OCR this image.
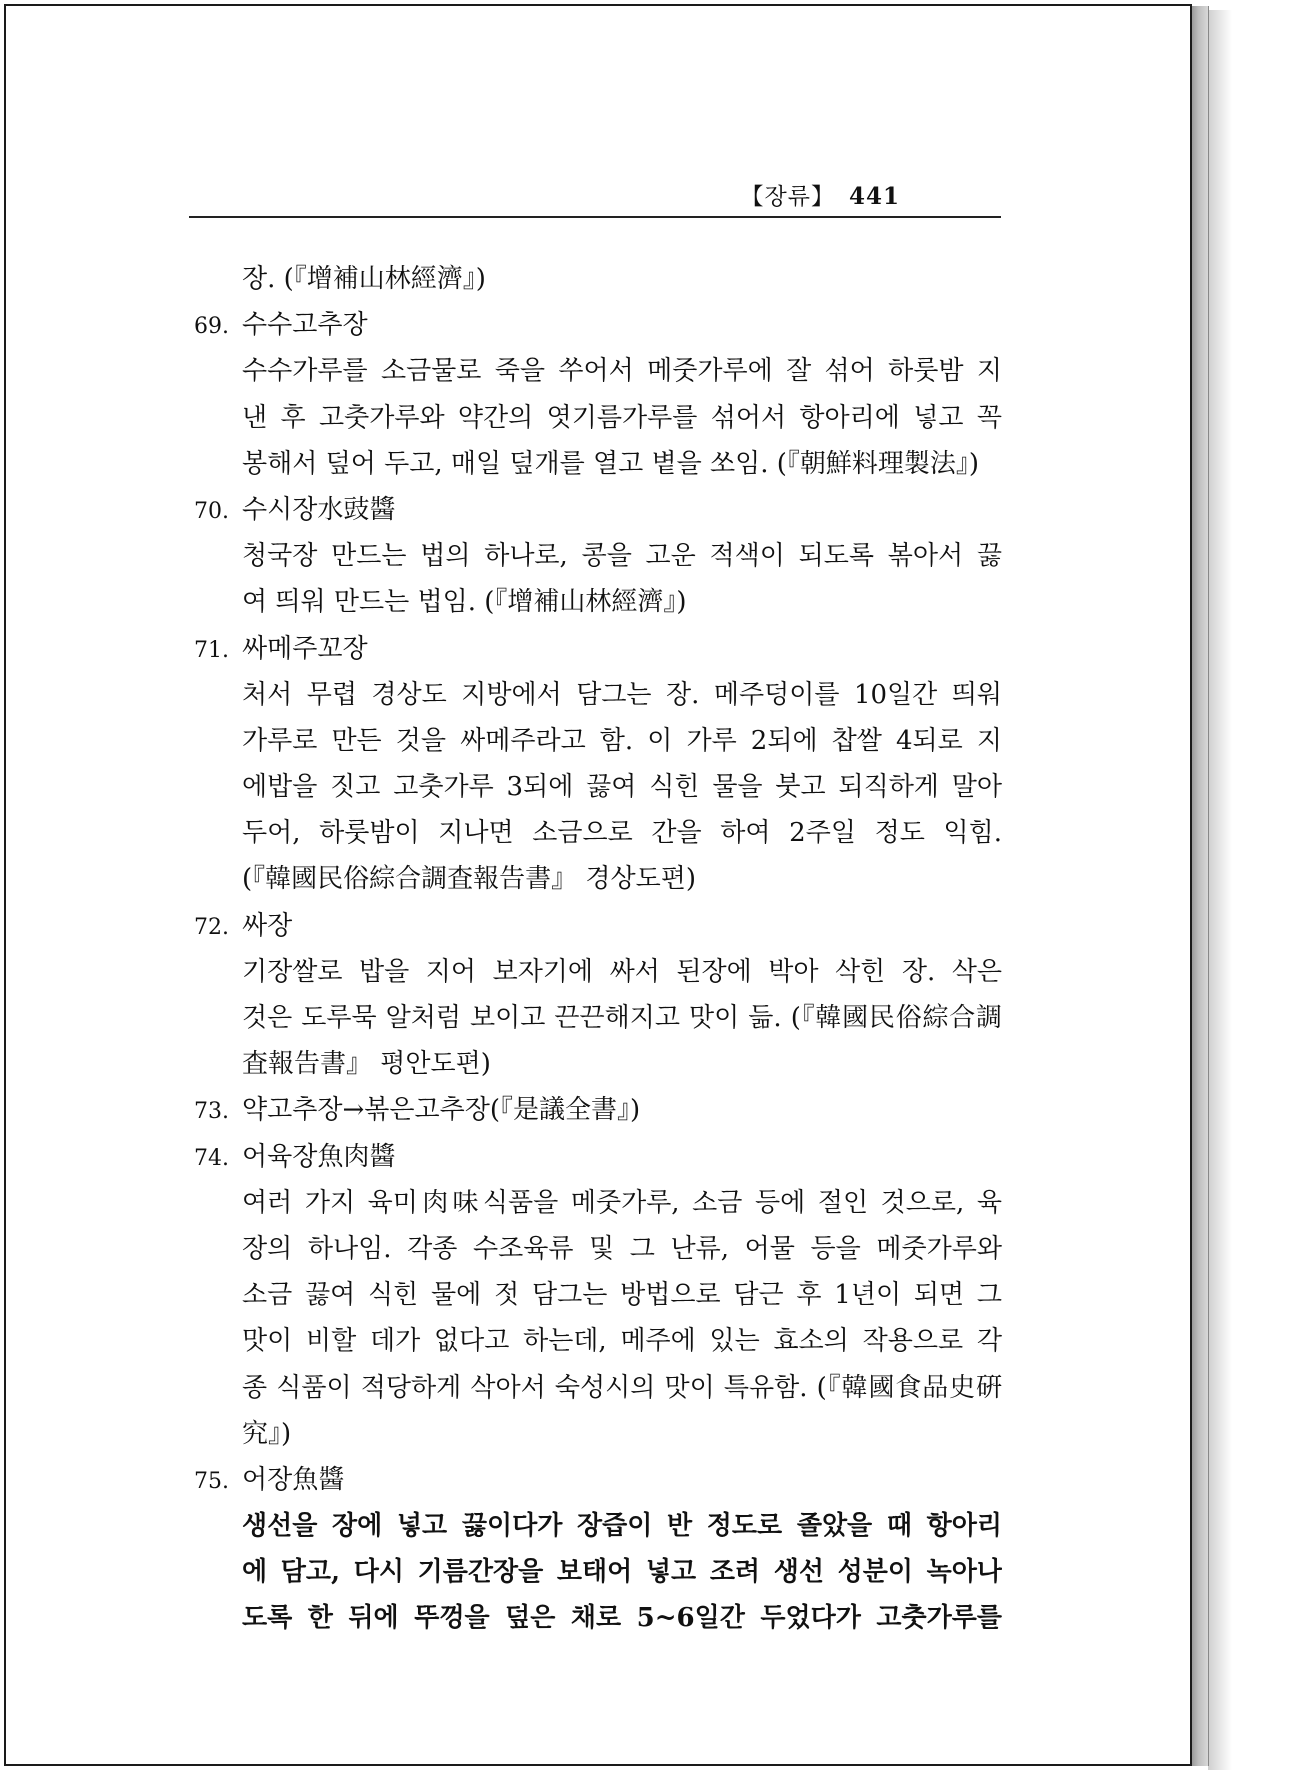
【장류】 441
장. (『增補山林經濟』)
69. 수수고추장
수수가루를 소금물로 죽을 쑤어서 메줏가루에 잘 섞어 하룻밤 지
낸 후 고춧가루와 약간의 엿기름가루를 섞어서 항아리에 넣고 꼭
봉해서 덮어 두고, 매일 덮개를 열고 볕을 쏘임. (『朝鮮料理製法』)
70. 수시장水豉醬
청국장 만드는 법의 하나로, 콩을 고운 적색이 되도록 볶아서 끓
여 띄워 만드는 법임. (『增補山林經濟』)
71. 싸메주꼬장
처서 무렵 경상도 지방에서 담그는 장. 메주덩이를 10일간 띄워
가루로 만든 것을 싸메주라고 함. 이 가루 2되에 찹쌀 4되로 지
에밥을 짓고 고춧가루 3되에 끓여 식힌 물을 붓고 되직하게 말아
두어, 하룻밤이 지나면 소금으로 간을 하여 2주일 정도 익힘.
(『韓國民俗綜合調査報告書』 경상도편)
72. 싸장
기장쌀로 밥을 지어 보자기에 싸서 된장에 박아 삭힌 장. 삭은
것은 도루묵 알처럼 보이고 끈끈해지고 맛이 듦. (『韓國民俗綜合調
査報告書』 평안도편)
73. 약고추장→볶은고추장(『是議全書』)
74. 어육장魚肉醬
여러 가지 육미肉味식품을 메줏가루, 소금 등에 절인 것으로, 육
장의 하나임. 각종 수조육류 및 그 난류, 어물 등을 메줏가루와
소금 끓여 식힌 물에 젓 담그는 방법으로 담근 후 1년이 되면 그
맛이 비할 데가 없다고 하는데, 메주에 있는 효소의 작용으로 각
종 식품이 적당하게 삭아서 숙성시의 맛이 특유함. (『韓國食品史硏
究』)
75. 어장魚醬
생선을 장에 넣고 끓이다가 장즙이 반 정도로 졸았을 때 항아리
에 담고, 다시 기름간장을 보태어 넣고 조려 생선 성분이 녹아나
도록 한 뒤에 뚜껑을 덮은 채로 5~6일간 두었다가 고춧가루를
